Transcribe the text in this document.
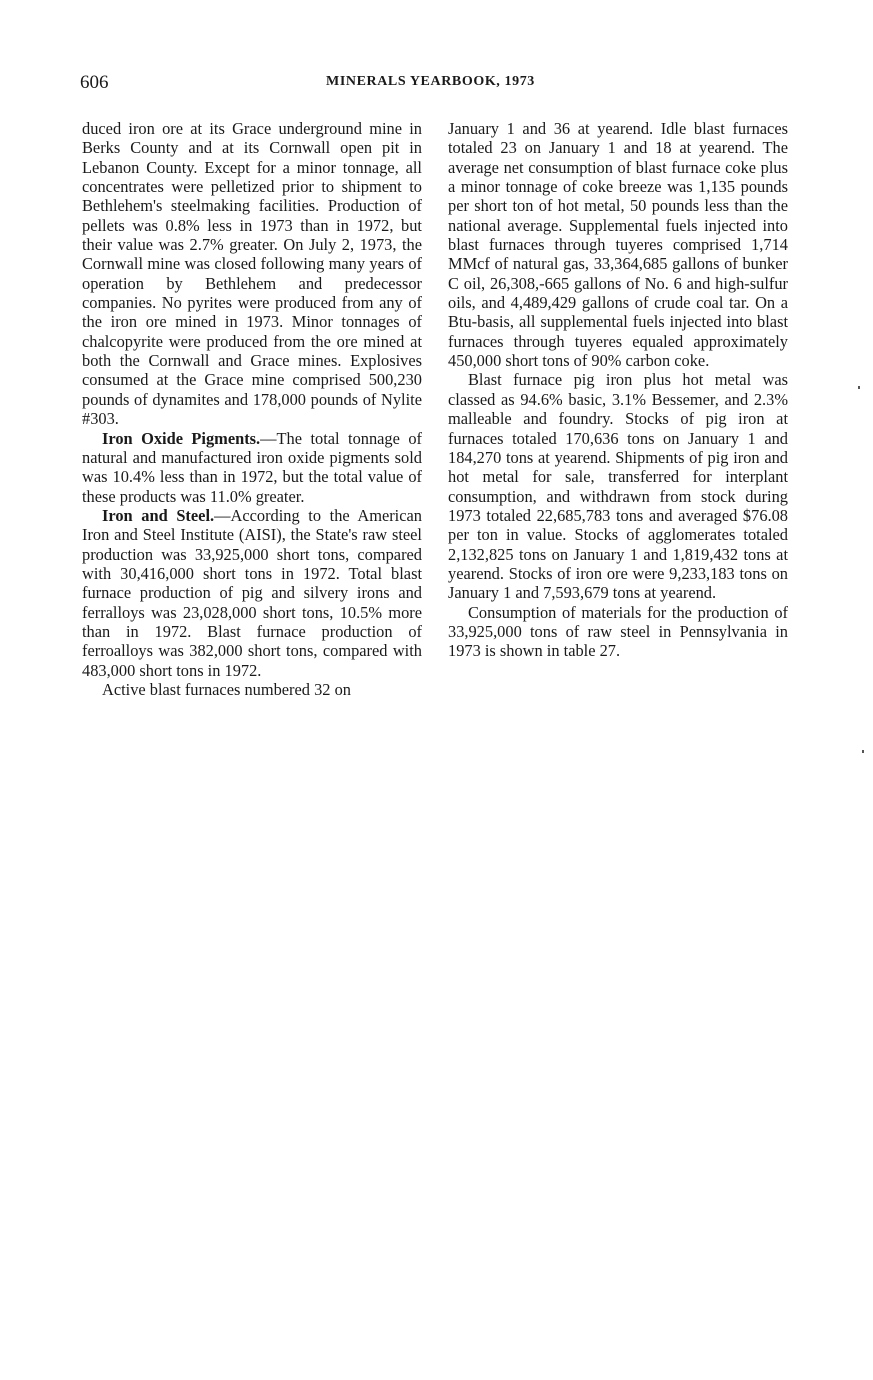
606	MINERALS YEARBOOK, 1973

duced iron ore at its Grace underground mine in Berks County and at its Cornwall open pit in Lebanon County. Except for a minor tonnage, all concentrates were pelletized prior to shipment to Bethlehem's steelmaking facilities. Production of pellets was 0.8% less in 1973 than in 1972, but their value was 2.7% greater. On July 2, 1973, the Cornwall mine was closed following many years of operation by Bethlehem and predecessor companies. No pyrites were produced from any of the iron ore mined in 1973. Minor tonnages of chalcopyrite were produced from the ore mined at both the Cornwall and Grace mines. Explosives consumed at the Grace mine comprised 500,230 pounds of dynamites and 178,000 pounds of Nylite #303.

Iron Oxide Pigments.—The total tonnage of natural and manufactured iron oxide pigments sold was 10.4% less than in 1972, but the total value of these products was 11.0% greater.

Iron and Steel.—According to the American Iron and Steel Institute (AISI), the State's raw steel production was 33,925,000 short tons, compared with 30,416,000 short tons in 1972. Total blast furnace production of pig and silvery irons and ferralloys was 23,028,000 short tons, 10.5% more than in 1972. Blast furnace production of ferroalloys was 382,000 short tons, compared with 483,000 short tons in 1972.

Active blast furnaces numbered 32 on

January 1 and 36 at yearend. Idle blast furnaces totaled 23 on January 1 and 18 at yearend. The average net consumption of blast furnace coke plus a minor tonnage of coke breeze was 1,135 pounds per short ton of hot metal, 50 pounds less than the national average. Supplemental fuels injected into blast furnaces through tuyeres comprised 1,714 MMcf of natural gas, 33,364,685 gallons of bunker C oil, 26,308,-665 gallons of No. 6 and high-sulfur oils, and 4,489,429 gallons of crude coal tar. On a Btu-basis, all supplemental fuels injected into blast furnaces through tuyeres equaled approximately 450,000 short tons of 90% carbon coke.

Blast furnace pig iron plus hot metal was classed as 94.6% basic, 3.1% Bessemer, and 2.3% malleable and foundry. Stocks of pig iron at furnaces totaled 170,636 tons on January 1 and 184,270 tons at yearend. Shipments of pig iron and hot metal for sale, transferred for interplant consumption, and withdrawn from stock during 1973 totaled 22,685,783 tons and averaged $76.08 per ton in value. Stocks of agglomerates totaled 2,132,825 tons on January 1 and 1,819,432 tons at yearend. Stocks of iron ore were 9,233,183 tons on January 1 and 7,593,679 tons at yearend.

Consumption of materials for the production of 33,925,000 tons of raw steel in Pennsylvania in 1973 is shown in table 27.
